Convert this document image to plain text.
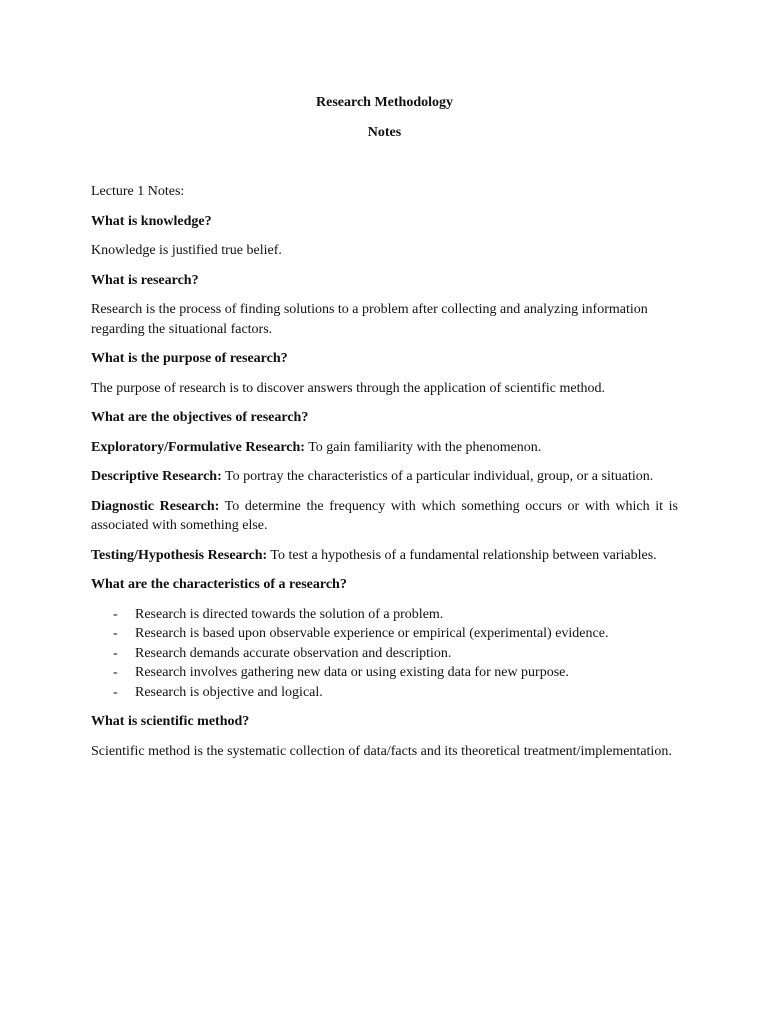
Research Methodology

Notes

Lecture 1 Notes:

What is knowledge?

Knowledge is justified true belief.

What is research?

Research is the process of finding solutions to a problem after collecting and analyzing information regarding the situational factors.

What is the purpose of research?

The purpose of research is to discover answers through the application of scientific method.

What are the objectives of research?

Exploratory/Formulative Research: To gain familiarity with the phenomenon.

Descriptive Research: To portray the characteristics of a particular individual, group, or a situation.

Diagnostic Research: To determine the frequency with which something occurs or with which it is associated with something else.

Testing/Hypothesis Research: To test a hypothesis of a fundamental relationship between variables.

What are the characteristics of a research?

- Research is directed towards the solution of a problem.
- Research is based upon observable experience or empirical (experimental) evidence.
- Research demands accurate observation and description.
- Research involves gathering new data or using existing data for new purpose.
- Research is objective and logical.

What is scientific method?

Scientific method is the systematic collection of data/facts and its theoretical treatment/implementation.
